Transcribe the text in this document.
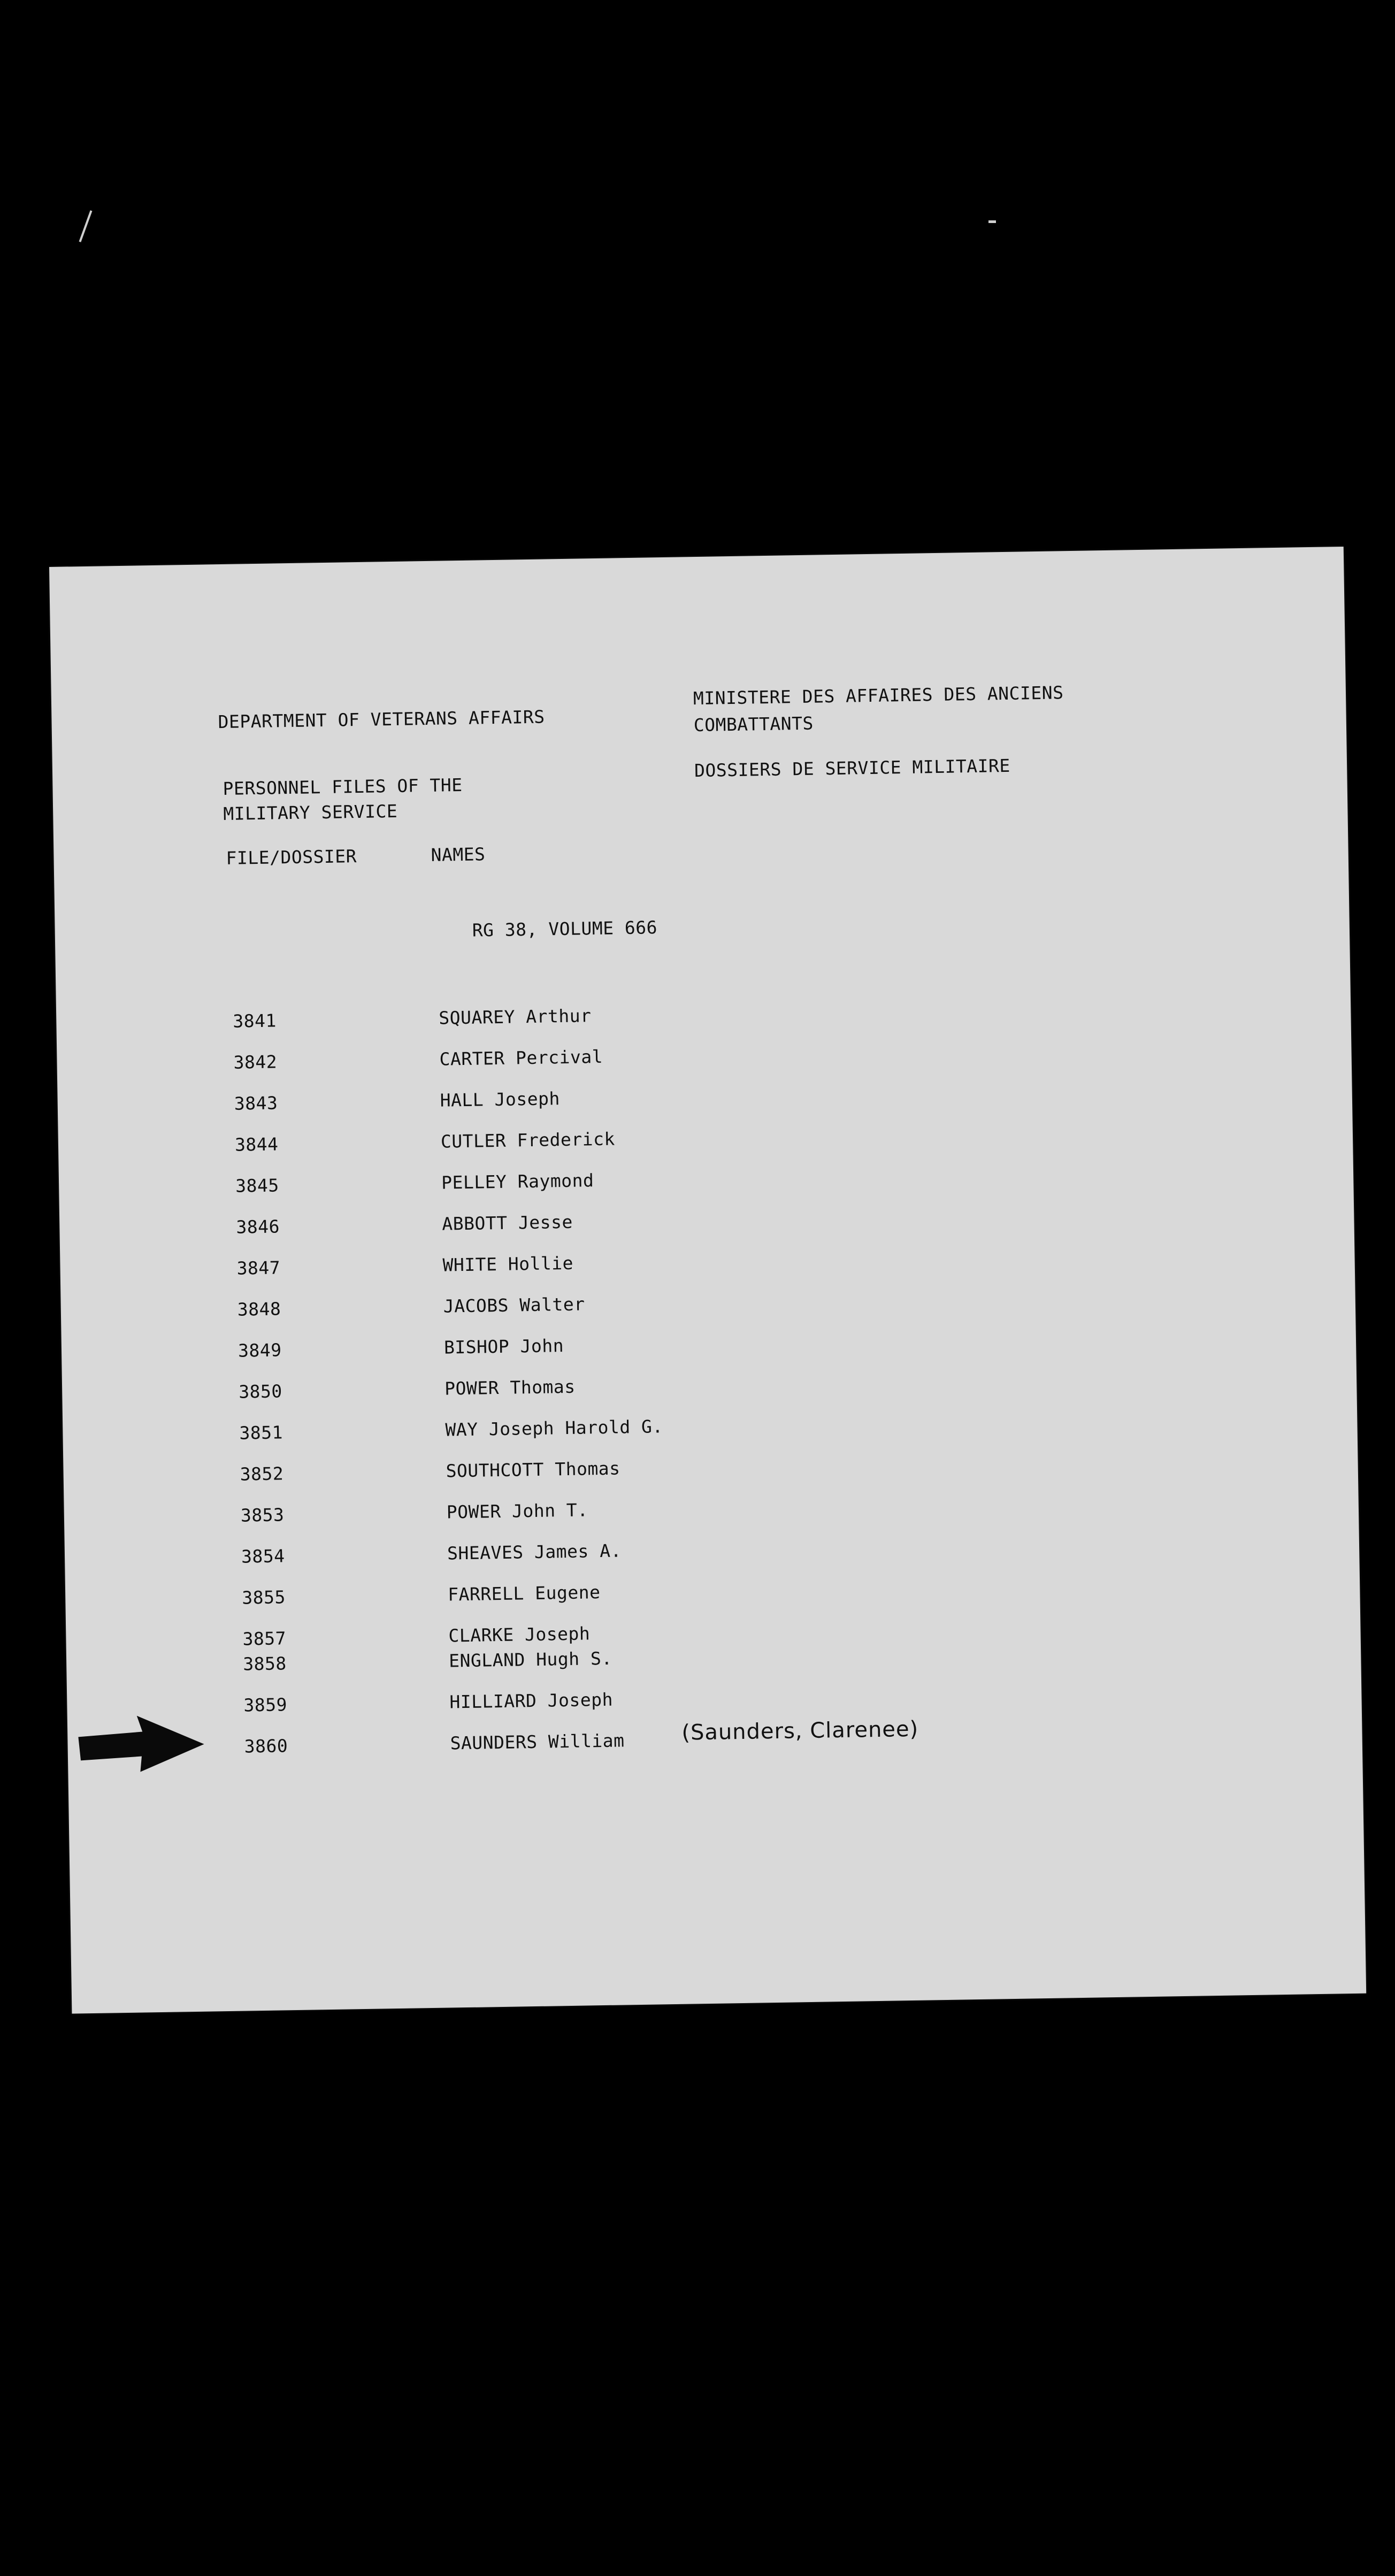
DEPARTMENT OF VETERANS AFFAIRS
MINISTERE DES AFFAIRES DES ANCIENS
COMBATTANTS
PERSONNEL FILES OF THE
MILITARY SERVICE
DOSSIERS DE SERVICE MILITAIRE
FILE/DOSSIER	NAMES
RG 38, VOLUME 666
3841	SQUAREY Arthur
3842	CARTER Percival
3843	HALL Joseph
3844	CUTLER Frederick
3845	PELLEY Raymond
3846	ABBOTT Jesse
3847	WHITE Hollie
3848	JACOBS Walter
3849	BISHOP John
3850	POWER Thomas
3851	WAY Joseph Harold G.
3852	SOUTHCOTT Thomas
3853	POWER John T.
3854	SHEAVES James A.
3855	FARRELL Eugene
3857	CLARKE Joseph
3858	ENGLAND Hugh S.
3859	HILLIARD Joseph
3860	SAUNDERS William	(Saunders, Clarenee)
